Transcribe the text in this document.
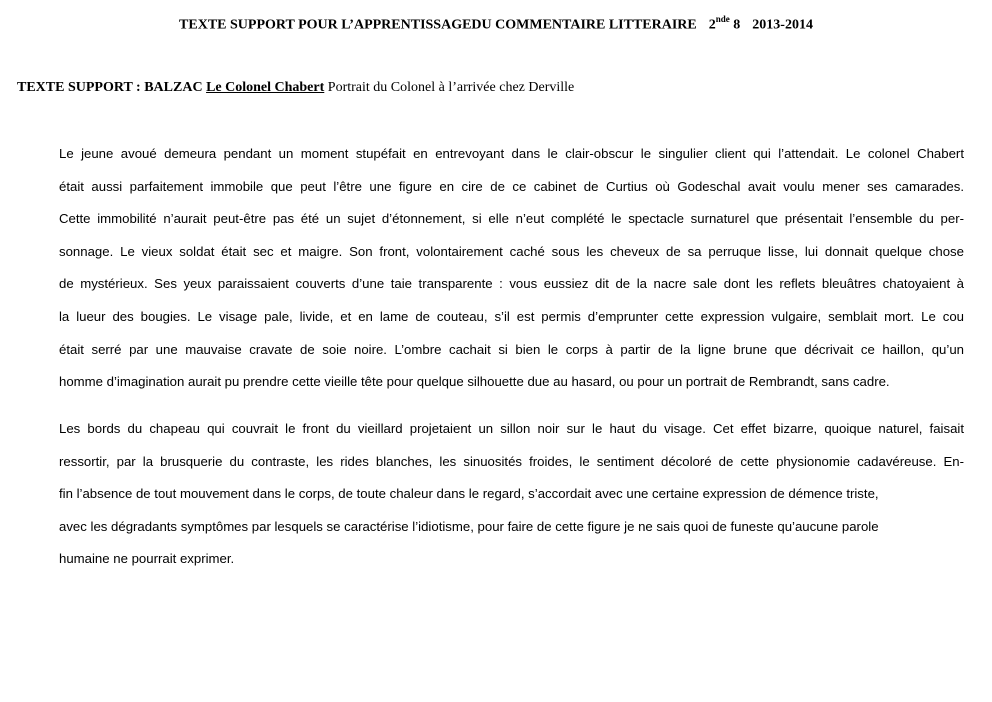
TEXTE SUPPORT POUR L’APPRENTISSAGEDU COMMENTAIRE LITTERAIRE 2nde 8 2013-2014
TEXTE SUPPORT : BALZAC Le Colonel Chabert Portrait du Colonel à l’arrivée chez Derville
Le jeune avoué demeura pendant un moment stupéfait en entrevoyant dans le clair-obscur le singulier client qui l’attendait. Le colonel Chabert
était aussi parfaitement immobile que peut l’être une figure en cire de ce cabinet de Curtius où Godeschal avait voulu mener ses camarades.
Cette immobilité n’aurait peut-être pas été un sujet d’étonnement, si elle n’eut complété le spectacle surnaturel que présentait l’ensemble du per-
sonnage. Le vieux soldat était sec et maigre. Son front, volontairement caché sous les cheveux de sa perruque lisse, lui donnait quelque chose
de mystérieux. Ses yeux paraissaient couverts d’une taie transparente : vous eussiez dit de la nacre sale dont les reflets bleuâtres chatoyaient à
la lueur des bougies. Le visage pale, livide, et en lame de couteau, s’il est permis d’emprunter cette expression vulgaire, semblait mort. Le cou
était serré par une mauvaise cravate de soie noire. L’ombre cachait si bien le corps à partir de la ligne brune que décrivait ce haillon, qu’un
homme d’imagination aurait pu prendre cette vieille tête pour quelque silhouette due au hasard, ou pour un portrait de Rembrandt, sans cadre.
Les bords du chapeau qui couvrait le front du vieillard projetaient un sillon noir sur le haut du visage. Cet effet bizarre, quoique naturel, faisait
ressortir, par la brusquerie du contraste, les rides blanches, les sinuosités froides, le sentiment décoloré de cette physionomie cadavéreuse. En-
fin l’absence de tout mouvement dans le corps, de toute chaleur dans le regard, s’accordait avec une certaine expression de démence triste,
avec les dégradants symptômes par lesquels se caractérise l’idiotisme, pour faire de cette figure je ne sais quoi de funeste qu’aucune parole
humaine ne pourrait exprimer.
